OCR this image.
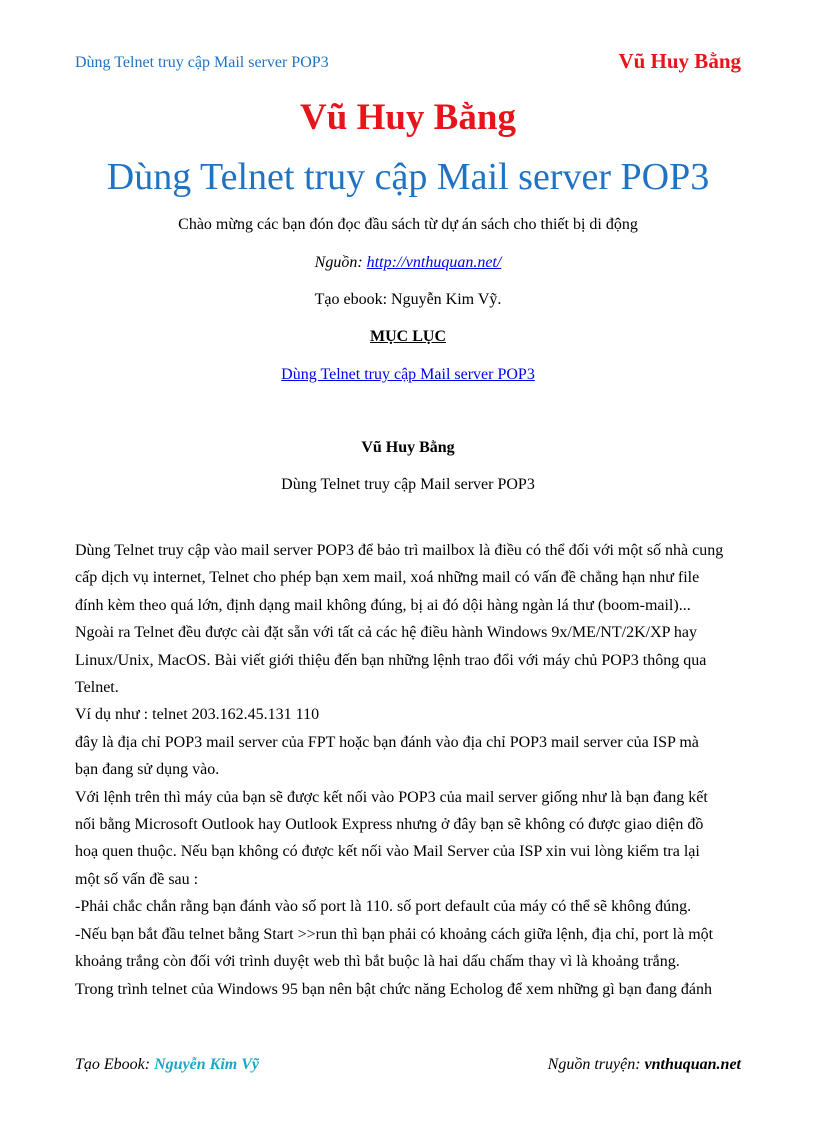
Dùng Telnet truy cập Mail server POP3	Vũ Huy Bằng
Vũ Huy Bằng
Dùng Telnet truy cập Mail server POP3
Chào mừng các bạn đón đọc đầu sách từ dự án sách cho thiết bị di động
Nguồn: http://vnthuquan.net/
Tạo ebook: Nguyễn Kim Vỹ.
MỤC LỤC
Dùng Telnet truy cập Mail server POP3
Vũ Huy Bằng
Dùng Telnet truy cập Mail server POP3

Dùng Telnet truy cập vào mail server POP3 để bảo trì mailbox là điều có thể đối với một số nhà cung

cấp dịch vụ internet, Telnet cho phép bạn xem mail, xoá những mail có vấn đề chẳng hạn như file

đính kèm theo quá lớn, định dạng mail không đúng, bị ai đó dội hàng ngàn lá thư (boom-mail)...

Ngoài ra Telnet đều được cài đặt sẵn với tất cả các hệ điều hành Windows 9x/ME/NT/2K/XP hay

Linux/Unix, MacOS. Bài viết giới thiệu đến bạn những lệnh trao đổi với máy chủ POP3 thông qua

Telnet.

Ví dụ như : telnet 203.162.45.131 110

đây là địa chỉ POP3 mail server của FPT hoặc bạn đánh vào địa chỉ POP3 mail server của ISP mà

bạn đang sử dụng vào.

Với lệnh trên thì máy của bạn sẽ được kết nối vào POP3 của mail server giống như là bạn đang kết

nối bằng Microsoft Outlook hay Outlook Express nhưng ở đây bạn sẽ không có được giao diện đồ

hoạ quen thuộc. Nếu bạn không có được kết nối vào Mail Server của ISP xin vui lòng kiểm tra lại

một số vấn đề sau :

-Phải chắc chắn rằng bạn đánh vào số port là 110. số port default của máy có thể sẽ không đúng.

-Nếu bạn bắt đầu telnet bằng Start >>run thì bạn phải có khoảng cách giữa lệnh, địa chỉ, port là một

khoảng trắng còn đối với trình duyệt web thì bắt buộc là hai dấu chấm thay vì là khoảng trắng.

Trong trình telnet của Windows 95 bạn nên bật chức năng Echolog để xem những gì bạn đang đánh

Tạo Ebook: Nguyễn Kim Vỹ	Nguồn truyện: vnthuquan.net
